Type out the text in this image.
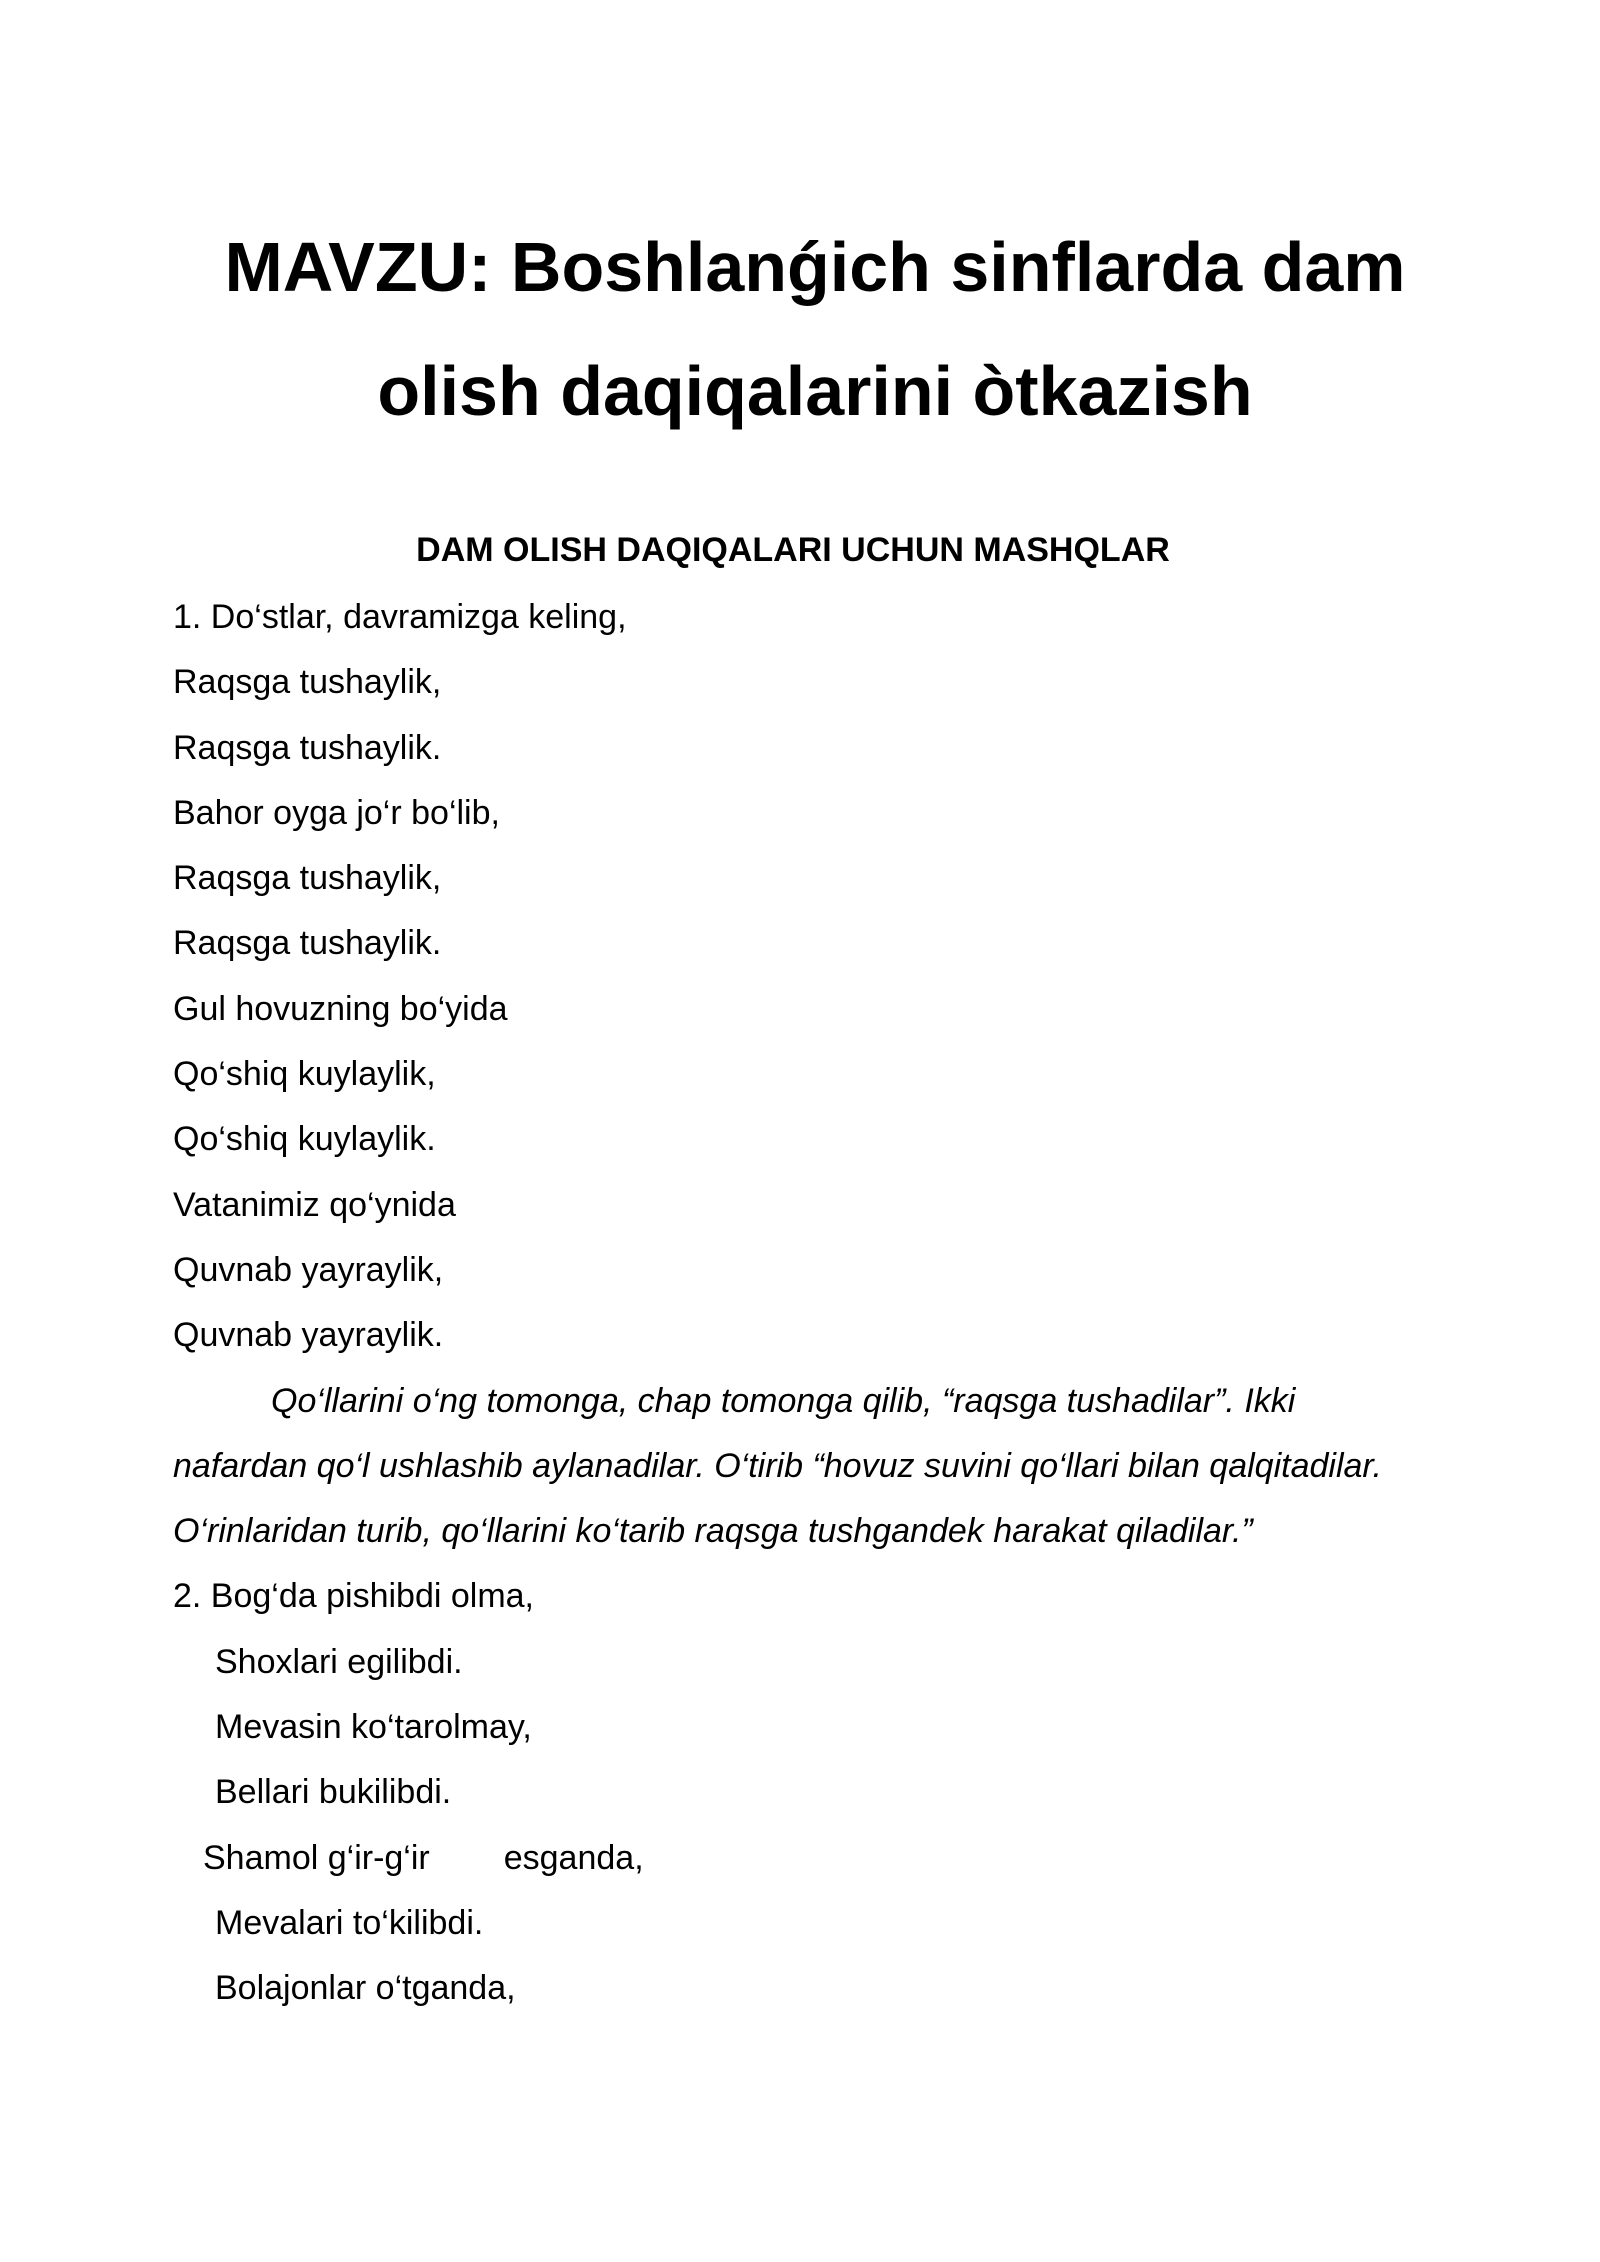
MAVZU: Boshlanǵich sinflarda dam olish daqiqalarini òtkazish
DAM OLISH DAQIQALARI UCHUN MASHQLAR
1. Do‘stlar, davramizga keling,
Raqsga tushaylik,
Raqsga tushaylik.
Bahor oyga jo‘r bo‘lib,
Raqsga tushaylik,
Raqsga tushaylik.
Gul hovuzning bo‘yida
Qo‘shiq kuylaylik,
Qo‘shiq kuylaylik.
Vatanimiz qo‘ynida
Quvnab yayraylik,
Quvnab yayraylik.

Qo‘llarini o‘ng tomonga, chap tomonga qilib, “raqsga tushadilar”. Ikki nafardan qo‘l ushlashib aylanadilar. O‘tirib “hovuz suvini qo‘llari bilan qalqitadilar. O‘rinlaridan turib, qo‘llarini ko‘tarib raqsga tushgandek harakat qiladilar.”

2. Bog‘da pishibdi olma,
Shoxlari egilibdi.
Mevasin ko‘tarolmay,
Bellari bukilibdi.
Shamol g‘ir-g‘ir esganda,
Mevalari to‘kilibdi.
Bolajonlar o‘tganda,
